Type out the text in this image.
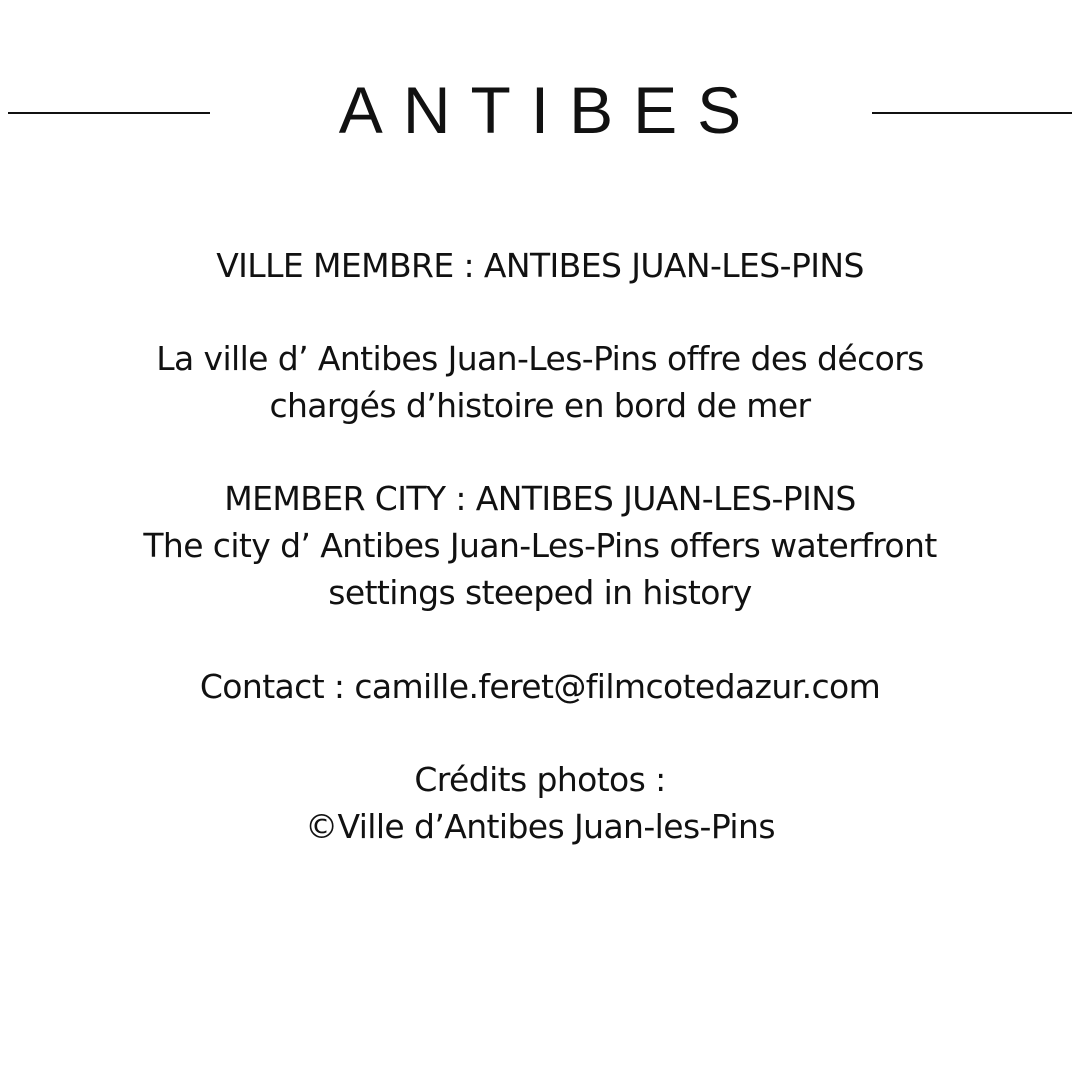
ANTIBES
VILLE MEMBRE : ANTIBES JUAN-LES-PINS
La ville d’ Antibes Juan-Les-Pins offre des décors
chargés d’histoire en bord de mer
MEMBER CITY : ANTIBES JUAN-LES-PINS
The city d’ Antibes Juan-Les-Pins offers waterfront
settings steeped in history
Contact : camille.feret@filmcotedazur.com
Crédits photos :
©Ville d’Antibes Juan-les-Pins
